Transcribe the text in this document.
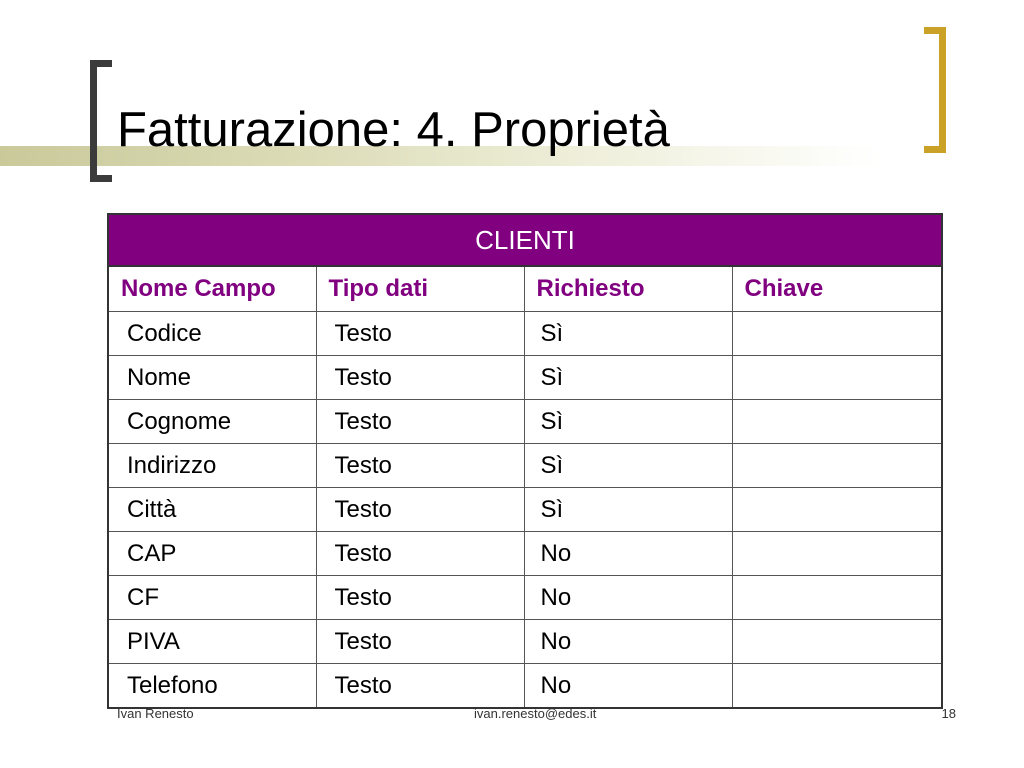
Fatturazione: 4. Proprietà
CLIENTI			
Nome Campo	Tipo dati	Richiesto	Chiave
Codice	Testo	Sì	
Nome	Testo	Sì	
Cognome	Testo	Sì	
Indirizzo	Testo	Sì	
Città	Testo	Sì	
CAP	Testo	No	
CF	Testo	No	
PIVA	Testo	No	
Telefono	Testo	No	
Ivan Renesto	ivan.renesto@edes.it	18
